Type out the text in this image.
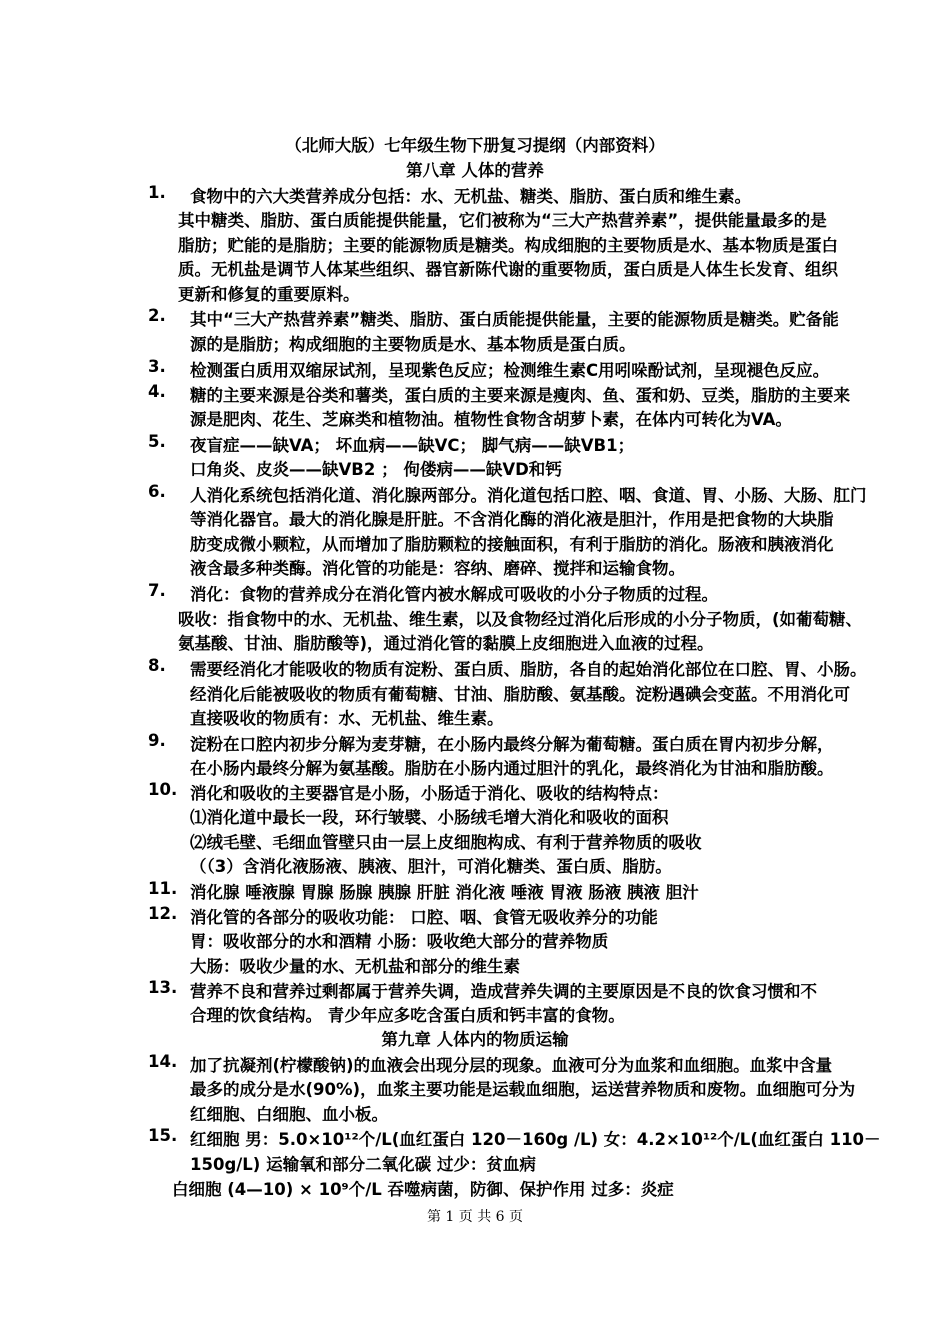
（北师大版）七年级生物下册复习提纲（内部资料）
第八章 人体的营养
第九章 人体内的物质运输
1. 食物中的六大类营养成分包括：水、无机盐、糖类、脂肪、蛋白质和维生素。
其中糖类、脂肪、蛋白质能提供能量，它们被称为“三大产热营养素”，提供能量最多的是
脂肪；贮能的是脂肪；主要的能源物质是糖类。构成细胞的主要物质是水、基本物质是蛋白
质。无机盐是调节人体某些组织、器官新陈代谢的重要物质，蛋白质是人体生长发育、组织
更新和修复的重要原料。
2. 其中“三大产热营养素”糖类、脂肪、蛋白质能提供能量，主要的能源物质是糖类。贮备能
源的是脂肪；构成细胞的主要物质是水、基本物质是蛋白质。
3. 检测蛋白质用双缩尿试剂，呈现紫色反应；检测维生素C用吲哚酚试剂，呈现褪色反应。
4. 糖的主要来源是谷类和薯类，蛋白质的主要来源是瘦肉、鱼、蛋和奶、豆类，脂肪的主要来
源是肥肉、花生、芝麻类和植物油。植物性食物含胡萝卜素，在体内可转化为VA。
5. 夜盲症——缺VA； 坏血病——缺VC； 脚气病——缺VB1；
口角炎、皮炎——缺VB2 ； 佝偻病——缺VD和钙
6. 人消化系统包括消化道、消化腺两部分。消化道包括口腔、咽、食道、胃、小肠、大肠、肛门
等消化器官。最大的消化腺是肝脏。不含消化酶的消化液是胆汁，作用是把食物的大块脂
肪变成微小颗粒，从而增加了脂肪颗粒的接触面积，有利于脂肪的消化。肠液和胰液消化
液含最多种类酶。消化管的功能是：容纳、磨碎、搅拌和运输食物。
7. 消化：食物的营养成分在消化管内被水解成可吸收的小分子物质的过程。
吸收：指食物中的水、无机盐、维生素，以及食物经过消化后形成的小分子物质，(如葡萄糖、
氨基酸、甘油、脂肪酸等)，通过消化管的黏膜上皮细胞进入血液的过程。
8. 需要经消化才能吸收的物质有淀粉、蛋白质、脂肪，各自的起始消化部位在口腔、胃、小肠。
经消化后能被吸收的物质有葡萄糖、甘油、脂肪酸、氨基酸。淀粉遇碘会变蓝。不用消化可
直接吸收的物质有：水、无机盐、维生素。
9. 淀粉在口腔内初步分解为麦芽糖，在小肠内最终分解为葡萄糖。蛋白质在胃内初步分解，
在小肠内最终分解为氨基酸。脂肪在小肠内通过胆汁的乳化，最终消化为甘油和脂肪酸。
10. 消化和吸收的主要器官是小肠，小肠适于消化、吸收的结构特点：
⑴消化道中最长一段，环行皱襞、小肠绒毛增大消化和吸收的面积
⑵绒毛壁、毛细血管壁只由一层上皮细胞构成、有利于营养物质的吸收
（（3）含消化液肠液、胰液、胆汁，可消化糖类、蛋白质、脂肪。
11. 消化腺 唾液腺 胃腺 肠腺 胰腺 肝脏 消化液 唾液 胃液 肠液 胰液 胆汁
12. 消化管的各部分的吸收功能： 口腔、咽、食管无吸收养分的功能
胃：吸收部分的水和酒精 小肠：吸收绝大部分的营养物质
大肠：吸收少量的水、无机盐和部分的维生素
13. 营养不良和营养过剩都属于营养失调，造成营养失调的主要原因是不良的饮食习惯和不
合理的饮食结构。 青少年应多吃含蛋白质和钙丰富的食物。
14. 加了抗凝剂(柠檬酸钠)的血液会出现分层的现象。血液可分为血浆和血细胞。血浆中含量
最多的成分是水(90%)，血浆主要功能是运载血细胞，运送营养物质和废物。血细胞可分为
红细胞、白细胞、血小板。
15. 红细胞 男：5.0×10¹²个/L(血红蛋白 120－160g /L) 女：4.2×10¹²个/L(血红蛋白 110－
150g/L) 运输氧和部分二氧化碳 过少：贫血病
白细胞 (4—10) × 10⁹个/L 吞噬病菌，防御、保护作用 过多：炎症
第 1 页 共 6 页
